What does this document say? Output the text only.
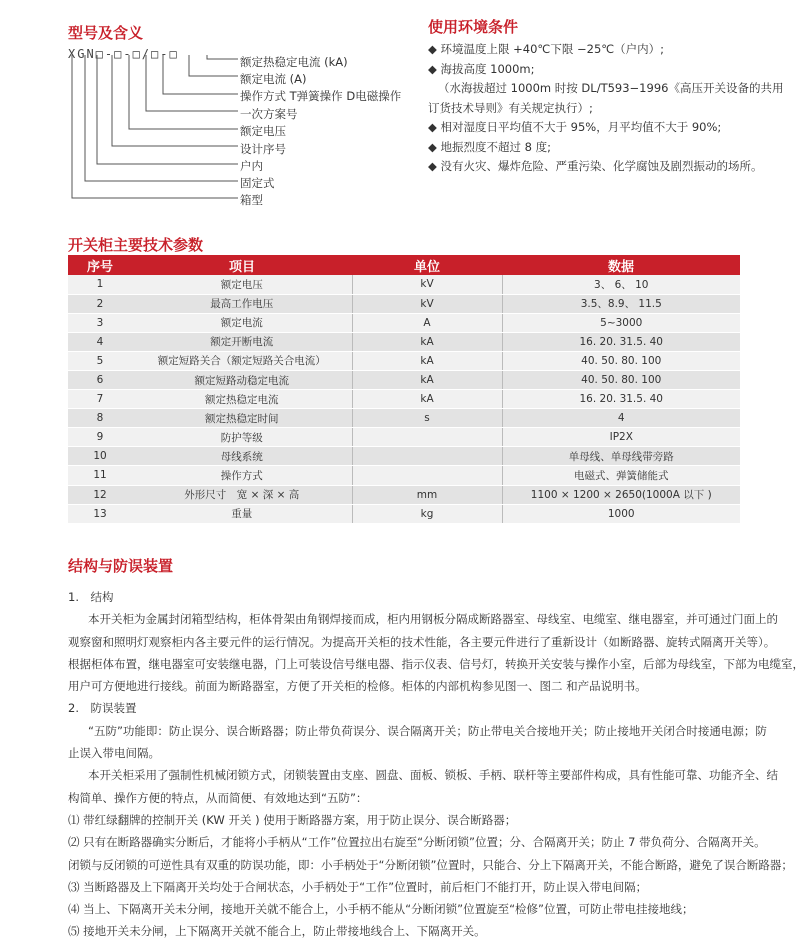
型号及含义
XGN□-□-□/□-□
额定热稳定电流 (kA)
额定电流 (A)
操作方式 T弹簧操作 D电磁操作
一次方案号
额定电压
设计序号
户内
固定式
箱型
使用环境条件
◆ 环境温度上限 +40℃下限 −25℃（户内）;
◆ 海拔高度 1000m;
（水海拔超过 1000m 时按 DL/T593−1996《高压开关设备的共用
订货技术导则》有关规定执行）;
◆ 相对湿度日平均值不大于 95%，月平均值不大于 90%;
◆ 地振烈度不超过 8 度;
◆ 没有火灾、爆炸危险、严重污染、化学腐蚀及剧烈振动的场所。
开关柜主要技术参数
序号	项目	单位	数据
1	额定电压	kV	3、 6、 10
2	最高工作电压	kV	3.5、8.9、 11.5
3	额定电流	A	5~3000
4	额定开断电流	kA	16. 20. 31.5. 40
5	额定短路关合（额定短路关合电流）	kA	40. 50. 80. 100
6	额定短路动稳定电流	kA	40. 50. 80. 100
7	额定热稳定电流	kA	16. 20. 31.5. 40
8	额定热稳定时间	s	4
9	防护等级		IP2X
10	母线系统		单母线、单母线带旁路
11	操作方式		电磁式、弹簧储能式
12	外形尺寸　宽 × 深 × 高	mm	1100 × 1200 × 2650(1000A 以下 )
13	重量	kg	1000
结构与防误装置
1.　结构
本开关柜为金属封闭箱型结构，柜体骨架由角钢焊接而成，柜内用钢板分隔成断路器室、母线室、电缆室、继电器室，并可通过门面上的
观察窗和照明灯观察柜内各主要元件的运行情况。为提高开关柜的技术性能，各主要元件进行了重新设计（如断路器、旋转式隔离开关等）。
根据柜体布置，继电器室可安装继电器，门上可装设信号继电器、指示仪表、信号灯，转换开关安装与操作小室，后部为母线室，下部为电缆室，
用户可方便地进行接线。前面为断路器室，方便了开关柜的检修。柜体的内部机构参见图一、图二 和产品说明书。
2.　防误装置
“五防”功能即：防止误分、误合断路器；防止带负荷误分、误合隔离开关；防止带电关合接地开关；防止接地开关闭合时接通电源；防
止误入带电间隔。
本开关柜采用了强制性机械闭锁方式，闭锁装置由支座、圆盘、面板、锁板、手柄、联杆等主要部件构成，具有性能可靠、功能齐全、结
构简单、操作方便的特点，从而简便、有效地达到“五防”：
⑴ 带红绿翻牌的控制开关 (KW 开关 ) 使用于断路器方案，用于防止误分、误合断路器；
⑵ 只有在断路器确实分断后，才能将小手柄从“工作”位置拉出右旋至“分断闭锁”位置；分、合隔离开关；防止 7 带负荷分、合隔离开关。
闭锁与反闭锁的可逆性具有双重的防误功能，即：小手柄处于“分断闭锁”位置时，只能合、分上下隔离开关，不能合断路，避免了误合断路器；
⑶ 当断路器及上下隔离开关均处于合闸状态，小手柄处于“工作”位置时，前后柜门不能打开，防止误入带电间隔；
⑷ 当上、下隔离开关未分闸，接地开关就不能合上，小手柄不能从“分断闭锁”位置旋至“检修”位置，可防止带电挂接地线；
⑸ 接地开关未分闸，上下隔离开关就不能合上，防止带接地线合上、下隔离开关。
